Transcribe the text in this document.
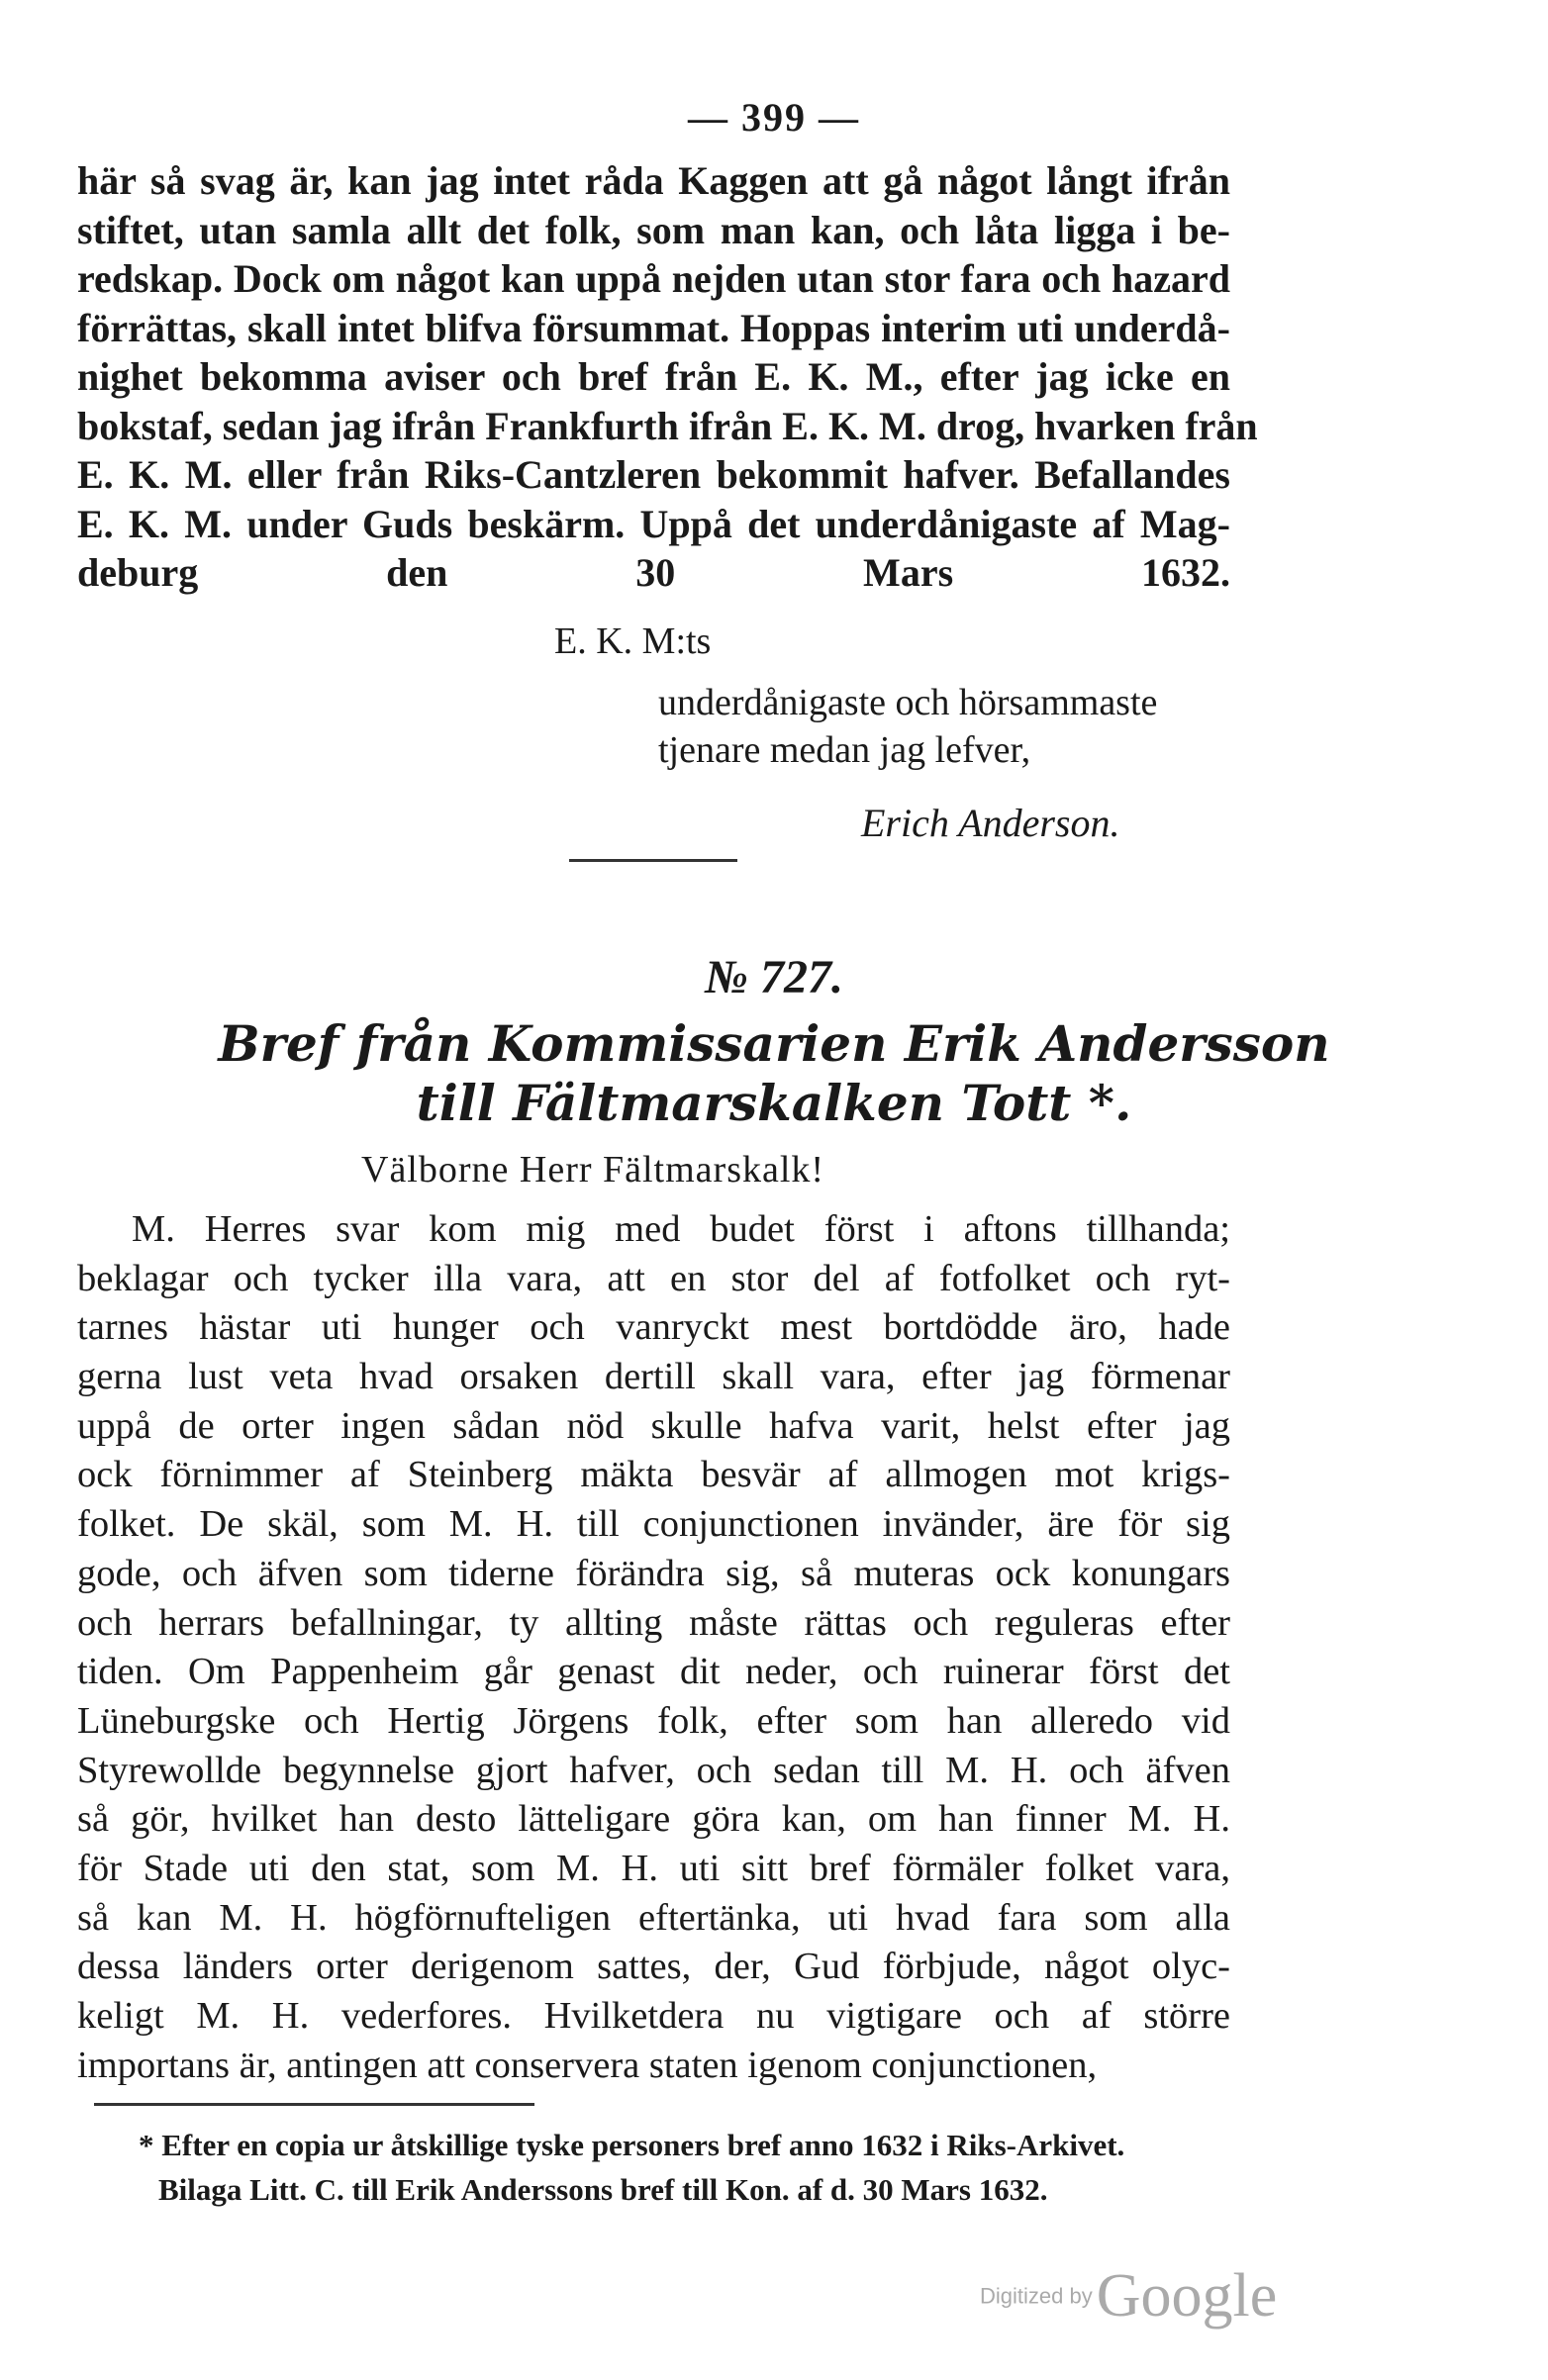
— 399 —
här så svag är, kan jag intet råda Kaggen att gå något långt ifrån
stiftet, utan samla allt det folk, som man kan, och låta ligga i be-
redskap. Dock om något kan uppå nejden utan stor fara och hazard
förrättas, skall intet blifva försummat. Hoppas interim uti underdå-
nighet bekomma aviser och bref från E. K. M., efter jag icke en
bokstaf, sedan jag ifrån Frankfurth ifrån E. K. M. drog, hvarken från
E. K. M. eller från Riks-Cantzleren bekommit hafver. Befallandes
E. K. M. under Guds beskärm. Uppå det underdånigaste af Mag-
deburg den 30 Mars 1632.
E. K. M:ts
underdånigaste och hörsammaste
tjenare medan jag lefver,
Erich Anderson.
№ 727.
Bref från Kommissarien Erik Andersson
till Fältmarskalken Tott *.
Välborne Herr Fältmarskalk!
M. Herres svar kom mig med budet först i aftons tillhanda;
beklagar och tycker illa vara, att en stor del af fotfolket och ryt-
tarnes hästar uti hunger och vanryckt mest bortdödde äro, hade
gerna lust veta hvad orsaken dertill skall vara, efter jag förmenar
uppå de orter ingen sådan nöd skulle hafva varit, helst efter jag
ock förnimmer af Steinberg mäkta besvär af allmogen mot krigs-
folket. De skäl, som M. H. till conjunctionen invänder, äre för sig
gode, och äfven som tiderne förändra sig, så muteras ock konungars
och herrars befallningar, ty allting måste rättas och reguleras efter
tiden. Om Pappenheim går genast dit neder, och ruinerar först det
Lüneburgske och Hertig Jörgens folk, efter som han alleredo vid
Styrewollde begynnelse gjort hafver, och sedan till M. H. och äfven
så gör, hvilket han desto lätteligare göra kan, om han finner M. H.
för Stade uti den stat, som M. H. uti sitt bref förmäler folket vara,
så kan M. H. högförnufteligen eftertänka, uti hvad fara som alla
dessa länders orter derigenom sattes, der, Gud förbjude, något olyc-
keligt M. H. vederfores. Hvilketdera nu vigtigare och af större
importans är, antingen att conservera staten igenom conjunctionen,
* Efter en copia ur åtskillige tyske personers bref anno 1632 i Riks-Arkivet.
Bilaga Litt. C. till Erik Anderssons bref till Kon. af d. 30 Mars 1632.
Digitized by Google
